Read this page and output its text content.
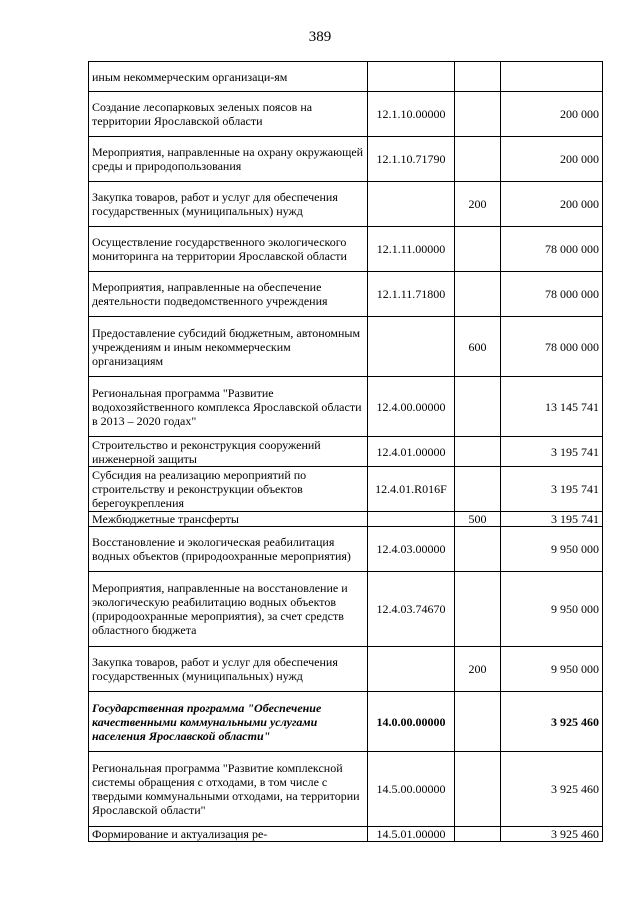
389
иным некоммерческим организаци-ям			
Создание лесопарковых зеленых поясов на территории Ярославской области	12.1.10.00000		200 000
Мероприятия, направленные на охрану окружающей среды и природопользования	12.1.10.71790		200 000
Закупка товаров, работ и услуг для обеспечения государственных (муниципальных) нужд		200	200 000
Осуществление государственного экологического мониторинга на территории Ярославской области	12.1.11.00000		78 000 000
Мероприятия, направленные на обеспечение деятельности подведомственного учреждения	12.1.11.71800		78 000 000
Предоставление субсидий бюджетным, автономным учреждениям и иным некоммерческим организациям		600	78 000 000
Региональная программа "Развитие водохозяйственного комплекса Ярославской области в 2013 – 2020 годах"	12.4.00.00000		13 145 741
Строительство и реконструкция сооружений инженерной защиты	12.4.01.00000		3 195 741
Субсидия на реализацию мероприятий по строительству и реконструкции объектов берегоукрепления	12.4.01.R016F		3 195 741
Межбюджетные трансферты		500	3 195 741
Восстановление и экологическая реабилитация водных объектов (природоохранные мероприятия)	12.4.03.00000		9 950 000
Мероприятия, направленные на восстановление и экологическую реабилитацию водных объектов (природоохранные мероприятия), за счет средств областного бюджета	12.4.03.74670		9 950 000
Закупка товаров, работ и услуг для обеспечения государственных (муниципальных) нужд		200	9 950 000
Государственная программа "Обеспечение качественными коммунальными услугами населения Ярославской области"	14.0.00.00000		3 925 460
Региональная программа "Развитие комплексной системы обращения с отходами, в том числе с твердыми коммунальными отходами, на территории Ярославской области"	14.5.00.00000		3 925 460
Формирование и актуализация ре-	14.5.01.00000		3 925 460
